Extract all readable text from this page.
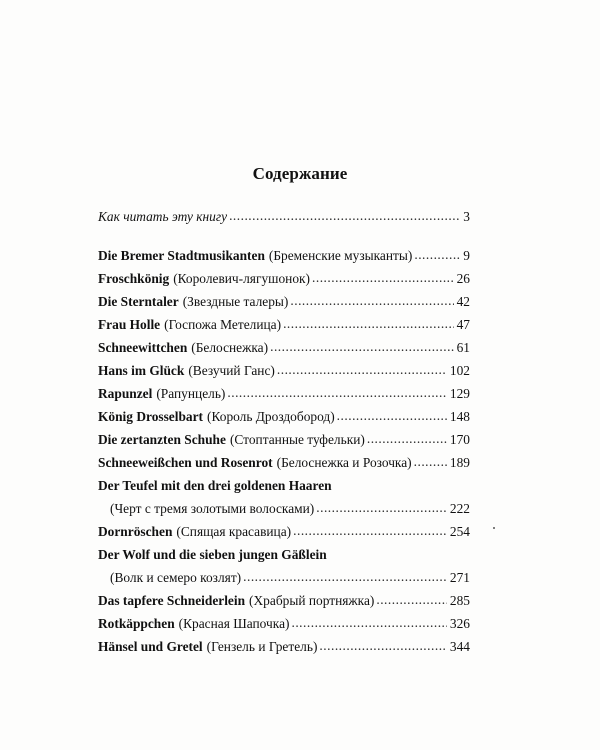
Содержание
Как читать эту книгу .....	3
Die Bremer Stadtmusikanten (Бременские музыканты) .....	9
Froschkönig (Королевич-лягушонок) .....	26
Die Sterntaler (Звездные талеры) .....	42
Frau Holle (Госпожа Метелица) .....	47
Schneewittchen (Белоснежка) .....	61
Hans im Glück (Везучий Ганс) .....	102
Rapunzel (Рапунцель) .....	129
König Drosselbart (Король Дроздобород) .....	148
Die zertanzten Schuhe (Стоптанные туфельки) .....	170
Schneeweißchen und Rosenrot (Белоснежка и Розочка) .....	189
Der Teufel mit den drei goldenen Haaren
(Черт с тремя золотыми волосками) .....	222
Dornröschen (Спящая красавица) .....	254
Der Wolf und die sieben jungen Gäßlein
(Волк и семеро козлят) .....	271
Das tapfere Schneiderlein (Храбрый портняжка) .....	285
Rotkäppchen (Красная Шапочка) .....	326
Hänsel und Gretel (Гензель и Гретель) .....	344
